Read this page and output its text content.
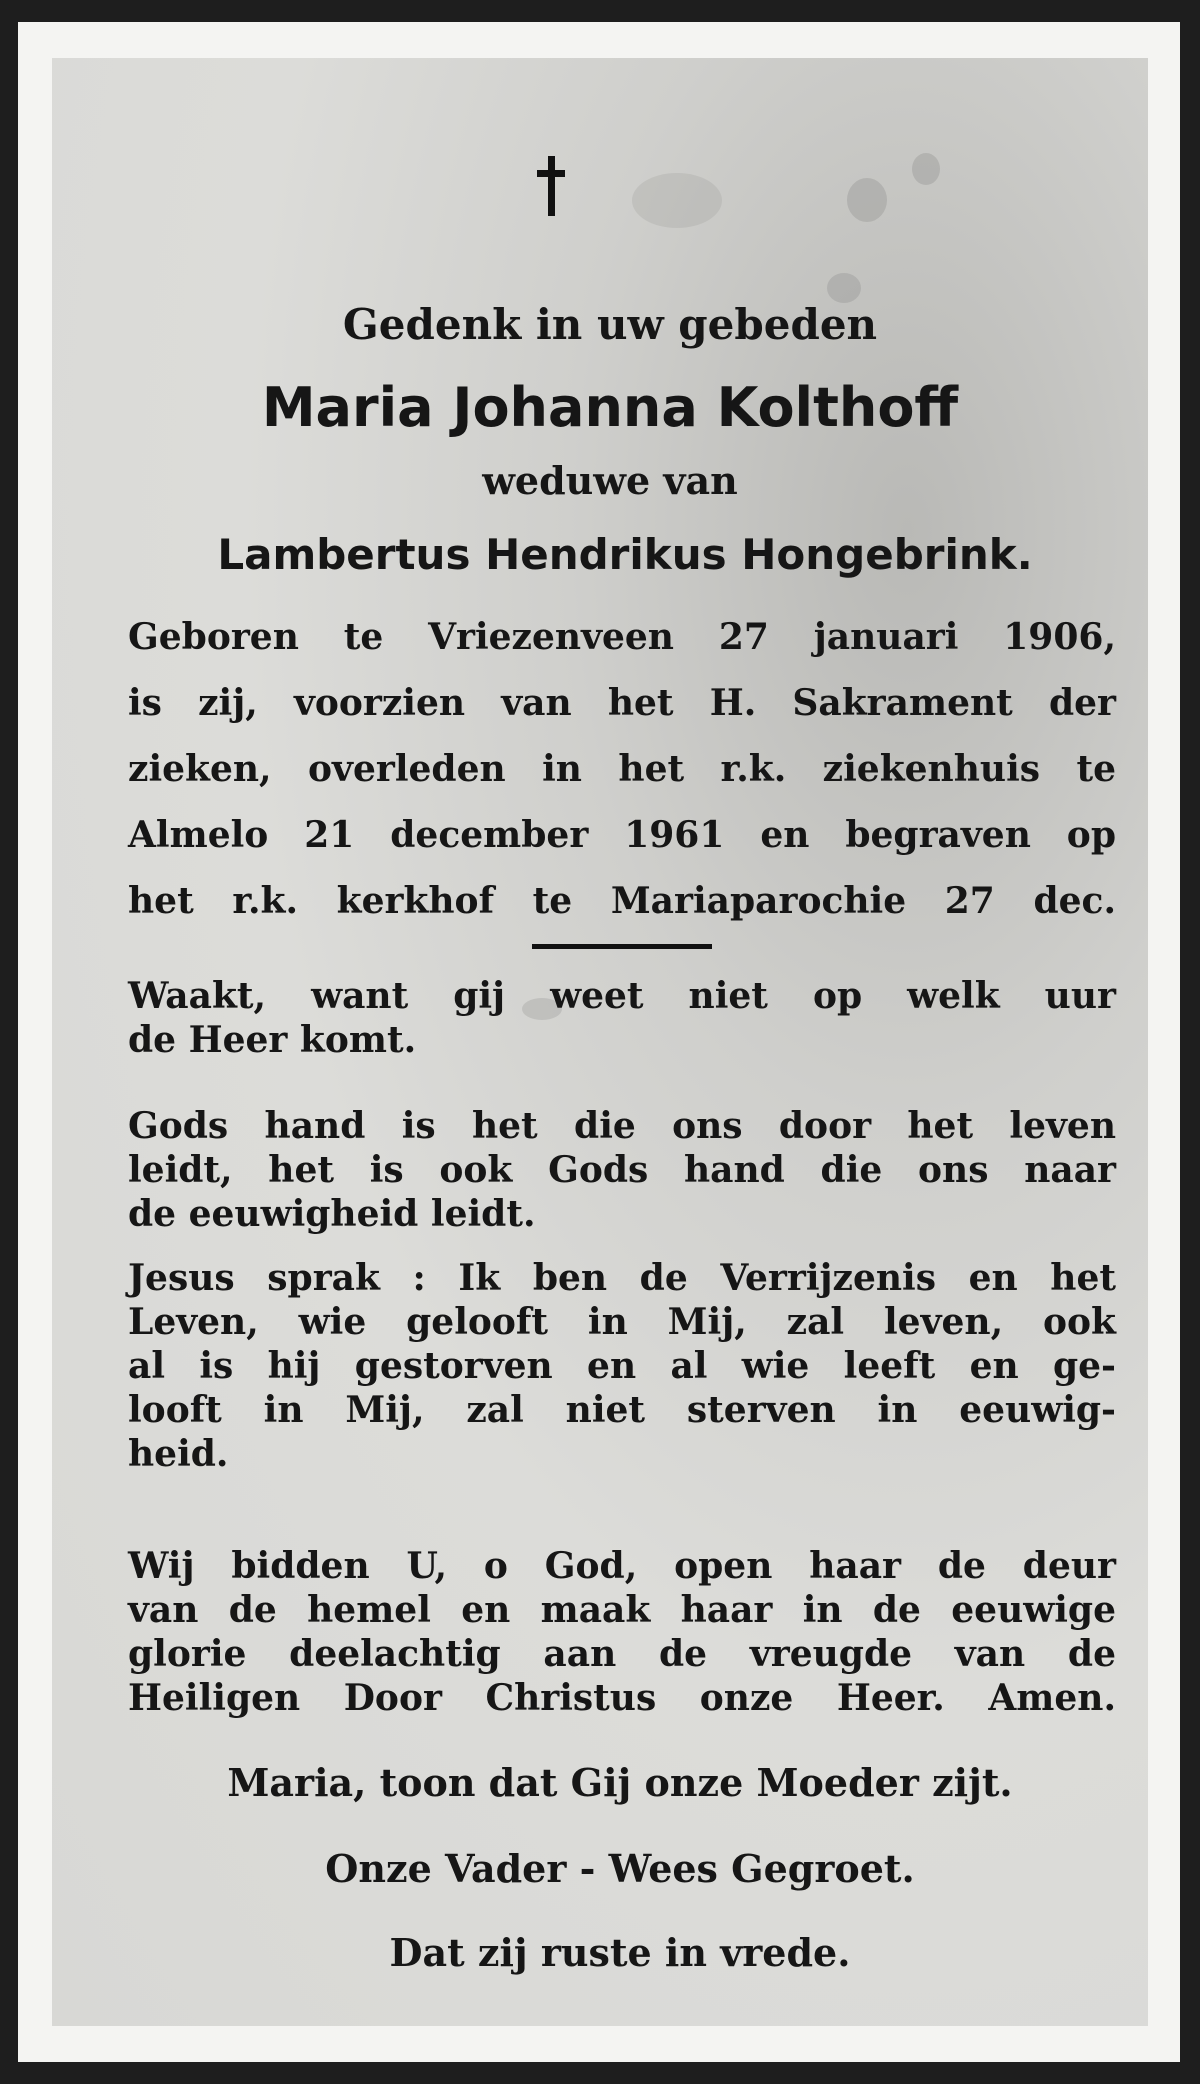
Gedenk in uw gebeden
Maria Johanna Kolthoff
weduwe van
Lambertus Hendrikus Hongebrink.
Geboren te Vriezenveen 27 januari 1906,
is zij, voorzien van het H. Sakrament der
zieken, overleden in het r.k. ziekenhuis te
Almelo 21 december 1961 en begraven op
het r.k. kerkhof te Mariaparochie 27 dec.
Waakt, want gij weet niet op welk uur
de Heer komt.
Gods hand is het die ons door het leven
leidt, het is ook Gods hand die ons naar
de eeuwigheid leidt.
Jesus sprak : Ik ben de Verrijzenis en het
Leven, wie gelooft in Mij, zal leven, ook
al is hij gestorven en al wie leeft en ge-
looft in Mij, zal niet sterven in eeuwig-
heid.
Wij bidden U, o God, open haar de deur
van de hemel en maak haar in de eeuwige
glorie deelachtig aan de vreugde van de
Heiligen Door Christus onze Heer. Amen.
Maria, toon dat Gij onze Moeder zijt.
Onze Vader - Wees Gegroet.
Dat zij ruste in vrede.
